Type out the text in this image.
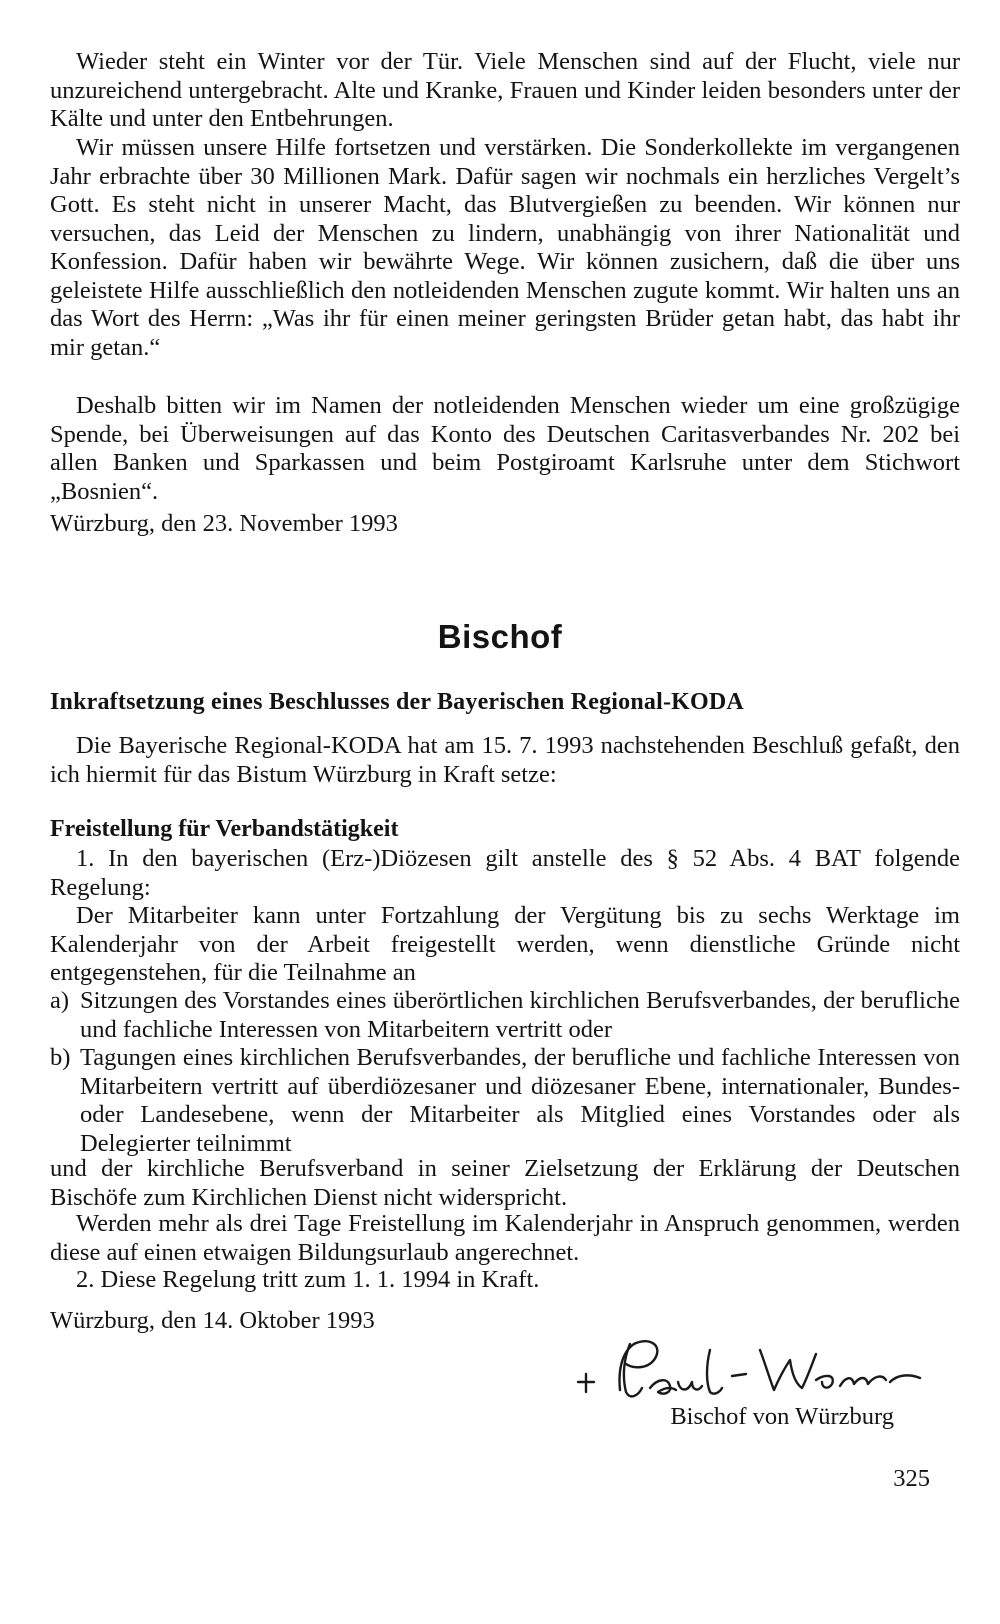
Wieder steht ein Winter vor der Tür. Viele Menschen sind auf der Flucht, viele nur unzureichend untergebracht. Alte und Kranke, Frauen und Kinder leiden besonders unter der Kälte und unter den Entbehrungen.
Wir müssen unsere Hilfe fortsetzen und verstärken. Die Sonderkollekte im vergangenen Jahr erbrachte über 30 Millionen Mark. Dafür sagen wir nochmals ein herzliches Vergelt’s Gott. Es steht nicht in unserer Macht, das Blutvergießen zu beenden. Wir können nur versuchen, das Leid der Menschen zu lindern, unabhängig von ihrer Nationalität und Konfession. Dafür haben wir bewährte Wege. Wir können zusichern, daß die über uns geleistete Hilfe ausschließlich den notleidenden Menschen zugute kommt. Wir halten uns an das Wort des Herrn: „Was ihr für einen meiner geringsten Brüder getan habt, das habt ihr mir getan.“
Deshalb bitten wir im Namen der notleidenden Menschen wieder um eine großzügige Spende, bei Überweisungen auf das Konto des Deutschen Caritasverbandes Nr. 202 bei allen Banken und Sparkassen und beim Postgiroamt Karlsruhe unter dem Stichwort „Bosnien“.
Würzburg, den 23. November 1993
Bischof
Inkraftsetzung eines Beschlusses der Bayerischen Regional-KODA
Die Bayerische Regional-KODA hat am 15. 7. 1993 nachstehenden Beschluß gefaßt, den ich hiermit für das Bistum Würzburg in Kraft setze:
Freistellung für Verbandstätigkeit
1. In den bayerischen (Erz-)Diözesen gilt anstelle des § 52 Abs. 4 BAT folgende Regelung:
Der Mitarbeiter kann unter Fortzahlung der Vergütung bis zu sechs Werktage im Kalenderjahr von der Arbeit freigestellt werden, wenn dienstliche Gründe nicht entgegenstehen, für die Teilnahme an
a) Sitzungen des Vorstandes eines überörtlichen kirchlichen Berufsverbandes, der berufliche und fachliche Interessen von Mitarbeitern vertritt oder
b) Tagungen eines kirchlichen Berufsverbandes, der berufliche und fachliche Interessen von Mitarbeitern vertritt auf überdiözesaner und diözesaner Ebene, internationaler, Bundes- oder Landesebene, wenn der Mitarbeiter als Mitglied eines Vorstandes oder als Delegierter teilnimmt
und der kirchliche Berufsverband in seiner Zielsetzung der Erklärung der Deutschen Bischöfe zum Kirchlichen Dienst nicht widerspricht.
Werden mehr als drei Tage Freistellung im Kalenderjahr in Anspruch genommen, werden diese auf einen etwaigen Bildungsurlaub angerechnet.
2. Diese Regelung tritt zum 1. 1. 1994 in Kraft.
Würzburg, den 14. Oktober 1993
Bischof von Würzburg
325
